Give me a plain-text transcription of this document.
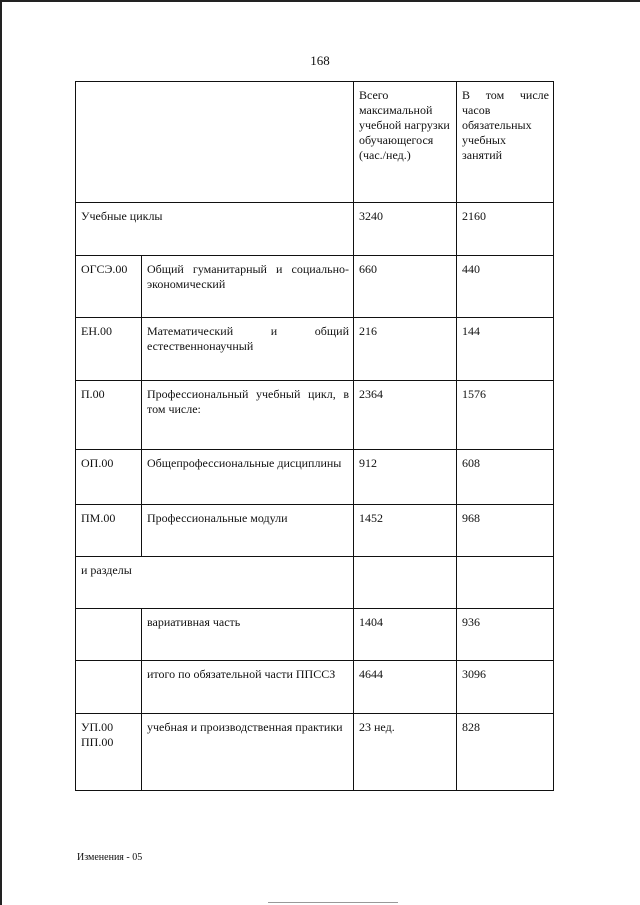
168
		Всего максимальной учебной нагрузки обучающегося (час./нед.)	В том числе часов обязательных учебных занятий
Учебные циклы		3240	2160
ОГСЭ.00	Общий гуманитарный и социально-экономический	660	440
ЕН.00	Математический и общий естественнонаучный	216	144
П.00	Профессиональный учебный цикл, в том числе:	2364	1576
ОП.00	Общепрофессиональные дисциплины	912	608
ПМ.00	Профессиональные модули	1452	968
и разделы			
	вариативная часть	1404	936
	итого по обязательной части ППССЗ	4644	3096
УП.00 ПП.00	учебная и производственная практики	23 нед.	828
Изменения - 05
